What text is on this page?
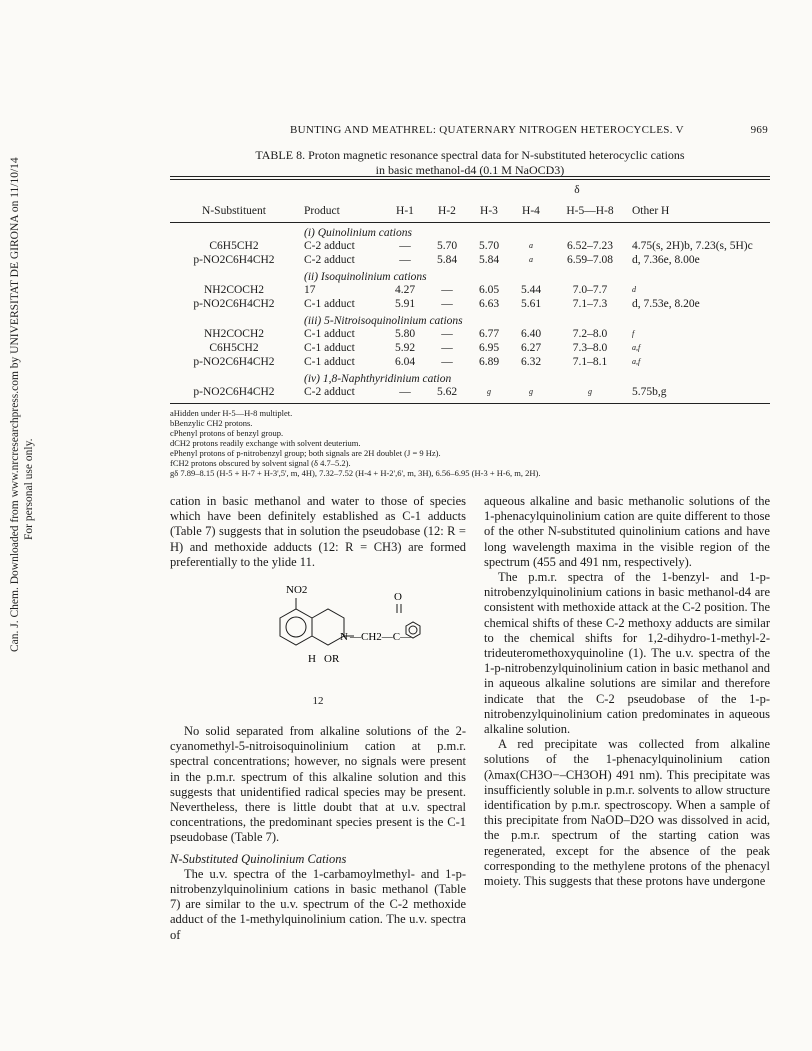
Can. J. Chem. Downloaded from www.nrcresearchpress.com by UNIVERSITAT DE GIRONA on 11/10/14 For personal use only.
BUNTING AND MEATHREL: QUATERNARY NITROGEN HETEROCYCLES. V	969
TABLE 8. Proton magnetic resonance spectral data for N-substituted heterocyclic cations
in basic methanol-d4 (0.1 M NaOCD3)
		δ					
N-Substituent	Product	H-1	H-2	H-3	H-4	H-5—H-8	Other H

	(i) Quinolinium cations						
C6H5CH2	C-2 adduct	—	5.70	5.70	a	6.52–7.23	4.75(s, 2H)b, 7.23(s, 5H)c
p-NO2C6H4CH2	C-2 adduct	—	5.84	5.84	a	6.59–7.08	d, 7.36e, 8.00e
	(ii) Isoquinolinium cations						
NH2COCH2	17	4.27	—	6.05	5.44	7.0–7.7	d
p-NO2C6H4CH2	C-1 adduct	5.91	—	6.63	5.61	7.1–7.3	d, 7.53e, 8.20e
	(iii) 5-Nitroisoquinolinium cations						
NH2COCH2	C-1 adduct	5.80	—	6.77	6.40	7.2–8.0	f
C6H5CH2	C-1 adduct	5.92	—	6.95	6.27	7.3–8.0	a,f
p-NO2C6H4CH2	C-1 adduct	6.04	—	6.89	6.32	7.1–8.1	a,f
	(iv) 1,8-Naphthyridinium cation						
p-NO2C6H4CH2	C-2 adduct	—	5.62	g	g	g	5.75b,g

aHidden under H-5—H-8 multiplet.
bBenzylic CH2 protons.
cPhenyl protons of benzyl group.
dCH2 protons readily exchange with solvent deuterium.
ePhenyl protons of p-nitrobenzyl group; both signals are 2H doublet (J = 9 Hz).
fCH2 protons obscured by solvent signal (δ 4.7–5.2).
gδ 7.89–8.15 (H-5 + H-7 + H-3',5', m, 4H), 7.32–7.52 (H-4 + H-2',6', m, 3H), 6.56–6.95 (H-3 + H-6, m, 2H).

cation in basic methanol and water to those of species which have been definitely established as C-1 adducts (Table 7) suggests that in solution the pseudobase (12: R = H) and methoxide adducts (12: R = CH3) are formed preferentially to the ylide 11.

NO2
O
N —CH2—C—
H OR
12

No solid separated from alkaline solutions of the 2-cyanomethyl-5-nitroisoquinolinium cation at p.m.r. spectral concentrations; however, no signals were present in the p.m.r. spectrum of this alkaline solution and this suggests that unidentified radical species may be present. Nevertheless, there is little doubt that at u.v. spectral concentrations, the predominant species present is the C-1 pseudobase (Table 7).

N-Substituted Quinolinium Cations

The u.v. spectra of the 1-carbamoylmethyl- and 1-p-nitrobenzylquinolinium cations in basic methanol (Table 7) are similar to the u.v. spectrum of the C-2 methoxide adduct of the 1-methylquinolinium cation. The u.v. spectra of

aqueous alkaline and basic methanolic solutions of the 1-phenacylquinolinium cation are quite different to those of the other N-substituted quinolinium cations and have long wavelength maxima in the visible region of the spectrum (455 and 491 nm, respectively).

The p.m.r. spectra of the 1-benzyl- and 1-p-nitrobenzylquinolinium cations in basic methanol-d4 are consistent with methoxide attack at the C-2 position. The chemical shifts of these C-2 methoxy adducts are similar to the chemical shifts for 1,2-dihydro-1-methyl-2-trideuteromethoxyquinoline (1). The u.v. spectra of the 1-p-nitrobenzylquinolinium cation in basic methanol and in aqueous alkaline solutions are similar and therefore indicate that the C-2 pseudobase of the 1-p-nitrobenzylquinolinium cation predominates in aqueous alkaline solution.

A red precipitate was collected from alkaline solutions of the 1-phenacylquinolinium cation (λmax(CH3O−–CH3OH) 491 nm). This precipitate was insufficiently soluble in p.m.r. solvents to allow structure identification by p.m.r. spectroscopy. When a sample of this precipitate from NaOD–D2O was dissolved in acid, the p.m.r. spectrum of the starting cation was regenerated, except for the absence of the peak corresponding to the methylene protons of the phenacyl moiety. This suggests that these protons have undergone
